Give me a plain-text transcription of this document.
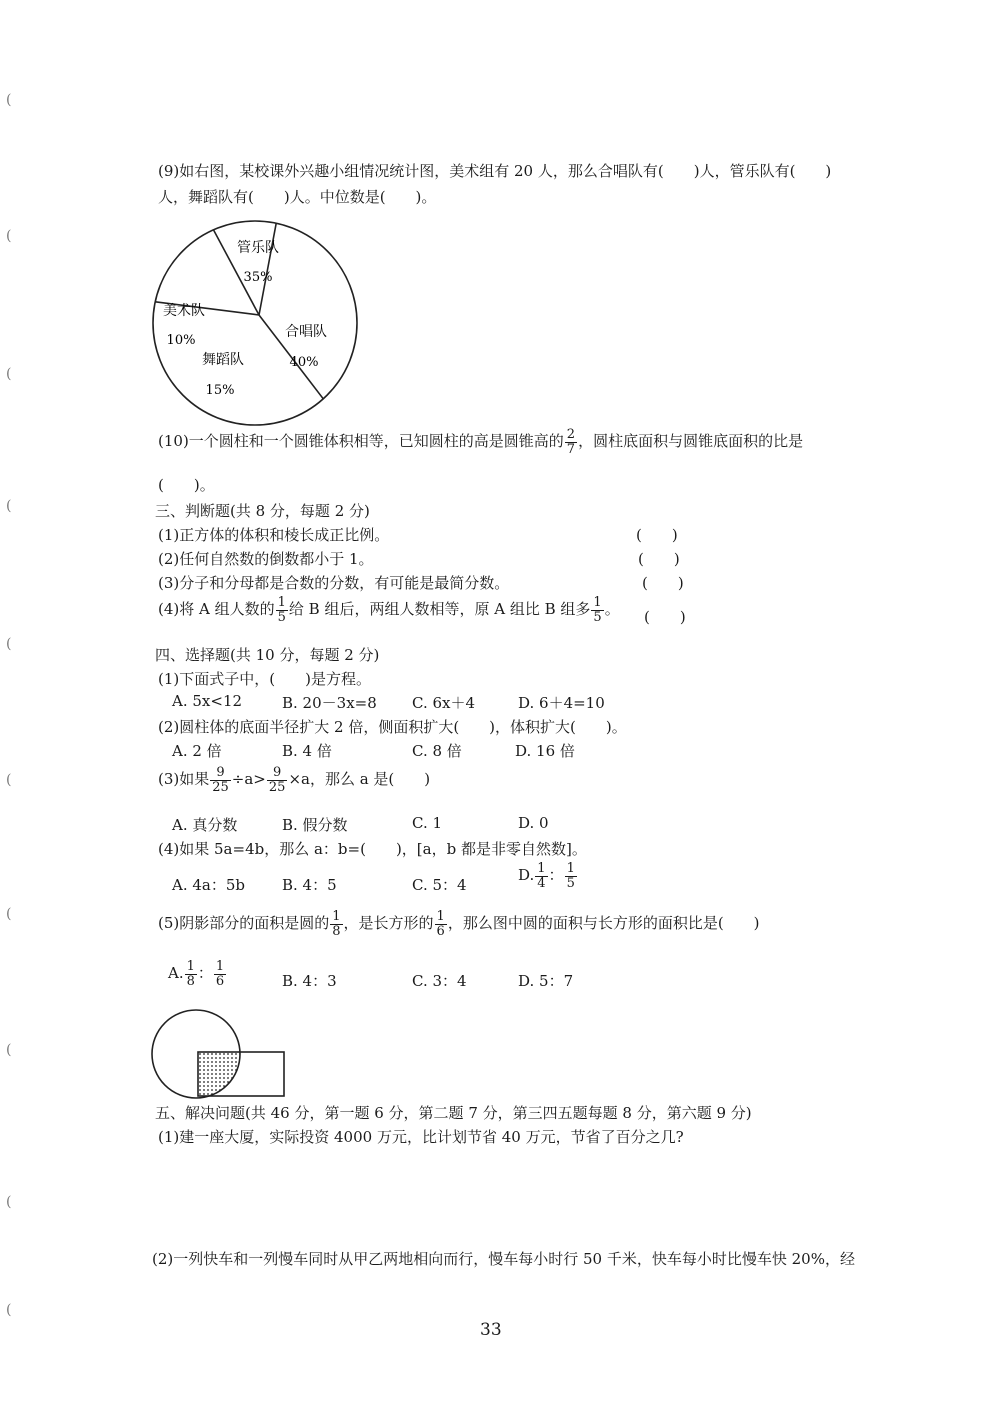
(
(
(
(
(
(
(
(
(
(
(9)如右图，某校课外兴趣小组情况统计图，美术组有 20 人，那么合唱队有(　　)人，管乐队有(　　)
人，舞蹈队有(　　)人。中位数是(　　)。
管乐队
35%
合唱队
40%
舞蹈队
15%
美术队
10%
(10)一个圆柱和一个圆锥体积相等，已知圆柱的高是圆锥高的 $\frac{2}{7}$ ，圆柱底面积与圆锥底面积的比是
(　　)。
三、判断题(共 8 分，每题 2 分)
(1)正方体的体积和棱长成正比例。	(　　)
(2)任何自然数的倒数都小于 1。	(　　)
(3)分子和分母都是合数的分数，有可能是最简分数。	(　　)
(4)将 A 组人数的 $\frac{1}{5}$ 给 B 组后，两组人数相等，原 A 组比 B 组多 $\frac{1}{5}$ 。 (　　)
四、选择题(共 10 分，每题 2 分)
(1)下面式子中，(　　)是方程。
A. 5x<12	B. 20－3x=8 C. 6x＋4	D. 6＋4=10
(2)圆柱体的底面半径扩大 2 倍，侧面积扩大(　　)，体积扩大(　　)。
A. 2 倍	B. 4 倍	C. 8 倍	D. 16 倍
(3)如果 $\frac{9}{25} \div a> \frac{9}{25} \times a$，那么 a 是(　　)
A. 真分数	B. 假分数	C. 1	D. 0
(4)如果 5a=4b，那么 a：b=(　　)，[a，b 都是非零自然数]。
A. 4a：5b B. 4：5	C. 5：4
D. $\frac{1}{4}$ ： $\frac{1}{5}$
(5)阴影部分的面积是圆的 $\frac{1}{8}$ ，是长方形的 $\frac{1}{6}$ ，那么图中圆的面积与长方形的面积比是(　　)
A. $\frac{1}{8}$ ： $\frac{1}{6}$	B. 4：3	C. 3：4	D. 5：7
五、解决问题(共 46 分，第一题 6 分，第二题 7 分，第三四五题每题 8 分，第六题 9 分)
(1)建一座大厦，实际投资 4000 万元，比计划节省 40 万元，节省了百分之几?
(2)一列快车和一列慢车同时从甲乙两地相向而行，慢车每小时行 50 千米，快车每小时比慢车快 20%，经
33
